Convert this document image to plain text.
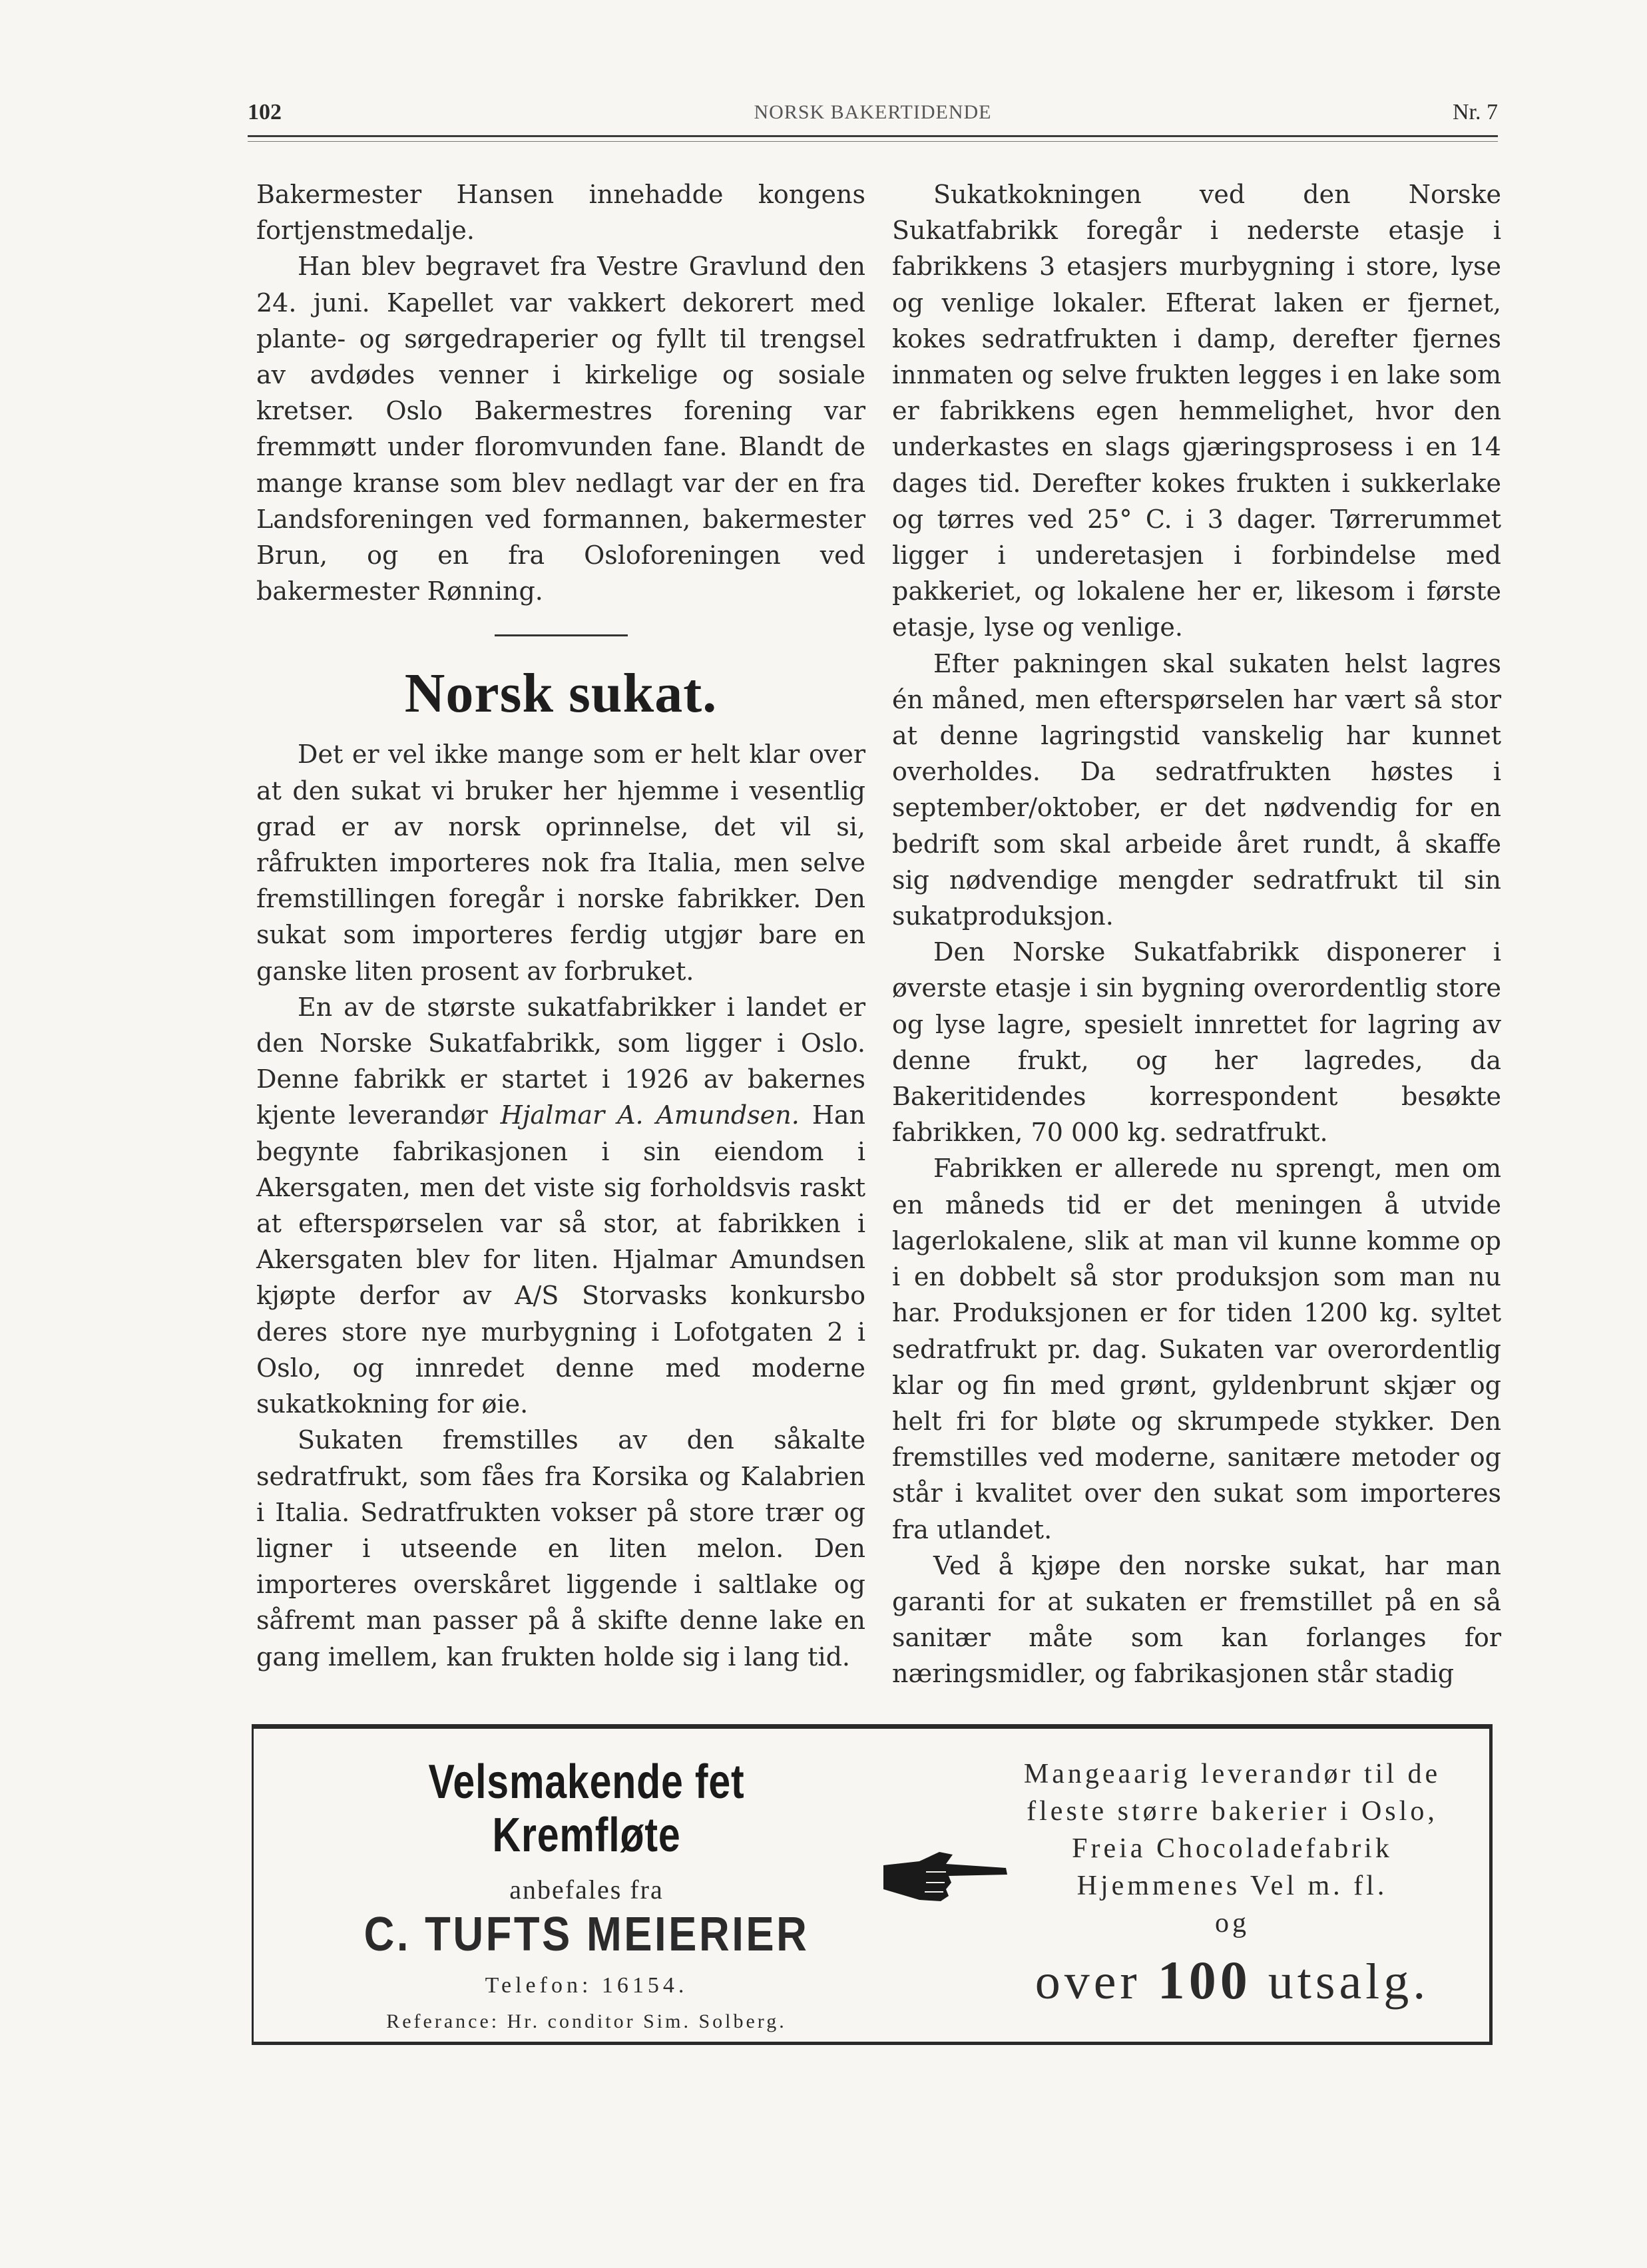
102	NORSK BAKERTIDENDE	Nr. 7

Bakermester Hansen innehadde kongens fortjenstmedalje.

Han blev begravet fra Vestre Gravlund den 24. juni. Kapellet var vakkert dekorert med plante- og sørgedraperier og fyllt til trengsel av avdødes venner i kirkelige og sosiale kretser. Oslo Bakermestres forening var fremmøtt under floromvunden fane. Blandt de mange kranse som blev nedlagt var der en fra Landsforeningen ved formannen, bakermester Brun, og en fra Osloforeningen ved bakermester Rønning.

Norsk sukat.

Det er vel ikke mange som er helt klar over at den sukat vi bruker her hjemme i vesentlig grad er av norsk oprinnelse, det vil si, råfrukten importeres nok fra Italia, men selve fremstillingen foregår i norske fabrikker. Den sukat som importeres ferdig utgjør bare en ganske liten prosent av forbruket.

En av de største sukatfabrikker i landet er den Norske Sukatfabrikk, som ligger i Oslo. Denne fabrikk er startet i 1926 av bakernes kjente leverandør Hjalmar A. Amundsen. Han begynte fabrikasjonen i sin eiendom i Akersgaten, men det viste sig forholdsvis raskt at efterspørselen var så stor, at fabrikken i Akersgaten blev for liten. Hjalmar Amundsen kjøpte derfor av A/S Storvasks konkursbo deres store nye murbygning i Lofotgaten 2 i Oslo, og innredet denne med moderne sukatkokning for øie.

Sukaten fremstilles av den såkalte sedratfrukt, som fåes fra Korsika og Kalabrien i Italia. Sedratfrukten vokser på store trær og ligner i utseende en liten melon. Den importeres overskåret liggende i saltlake og såfremt man passer på å skifte denne lake en gang imellem, kan frukten holde sig i lang tid.

Sukatkokningen ved den Norske Sukatfabrikk foregår i nederste etasje i fabrikkens 3 etasjers murbygning i store, lyse og venlige lokaler. Efterat laken er fjernet, kokes sedratfrukten i damp, derefter fjernes innmaten og selve frukten legges i en lake som er fabrikkens egen hemmelighet, hvor den underkastes en slags gjæringsprosess i en 14 dages tid. Derefter kokes frukten i sukkerlake og tørres ved 25° C. i 3 dager. Tørrerummet ligger i underetasjen i forbindelse med pakkeriet, og lokalene her er, likesom i første etasje, lyse og venlige.

Efter pakningen skal sukaten helst lagres én måned, men efterspørselen har vært så stor at denne lagringstid vanskelig har kunnet overholdes. Da sedratfrukten høstes i september/oktober, er det nødvendig for en bedrift som skal arbeide året rundt, å skaffe sig nødvendige mengder sedratfrukt til sin sukatproduksjon.

Den Norske Sukatfabrikk disponerer i øverste etasje i sin bygning overordentlig store og lyse lagre, spesielt innrettet for lagring av denne frukt, og her lagredes, da Bakeritidendes korrespondent besøkte fabrikken, 70 000 kg. sedratfrukt.

Fabrikken er allerede nu sprengt, men om en måneds tid er det meningen å utvide lagerlokalene, slik at man vil kunne komme op i en dobbelt så stor produksjon som man nu har. Produksjonen er for tiden 1200 kg. syltet sedratfrukt pr. dag. Sukaten var overordentlig klar og fin med grønt, gyldenbrunt skjær og helt fri for bløte og skrumpede stykker. Den fremstilles ved moderne, sanitære metoder og står i kvalitet over den sukat som importeres fra utlandet.

Ved å kjøpe den norske sukat, har man garanti for at sukaten er fremstillet på en så sanitær måte som kan forlanges for næringsmidler, og fabrikasjonen står stadig

Velsmakende fet Kremfløte
anbefales fra
C. TUFTS MEIERIER
Telefon: 16154.
Referance: Hr. conditor Sim. Solberg.
Mangeaarig leverandør til de
fleste større bakerier i Oslo,
Freia Chocoladefabrik
Hjemmenes Vel m. fl.
og
over 100 utsalg.
